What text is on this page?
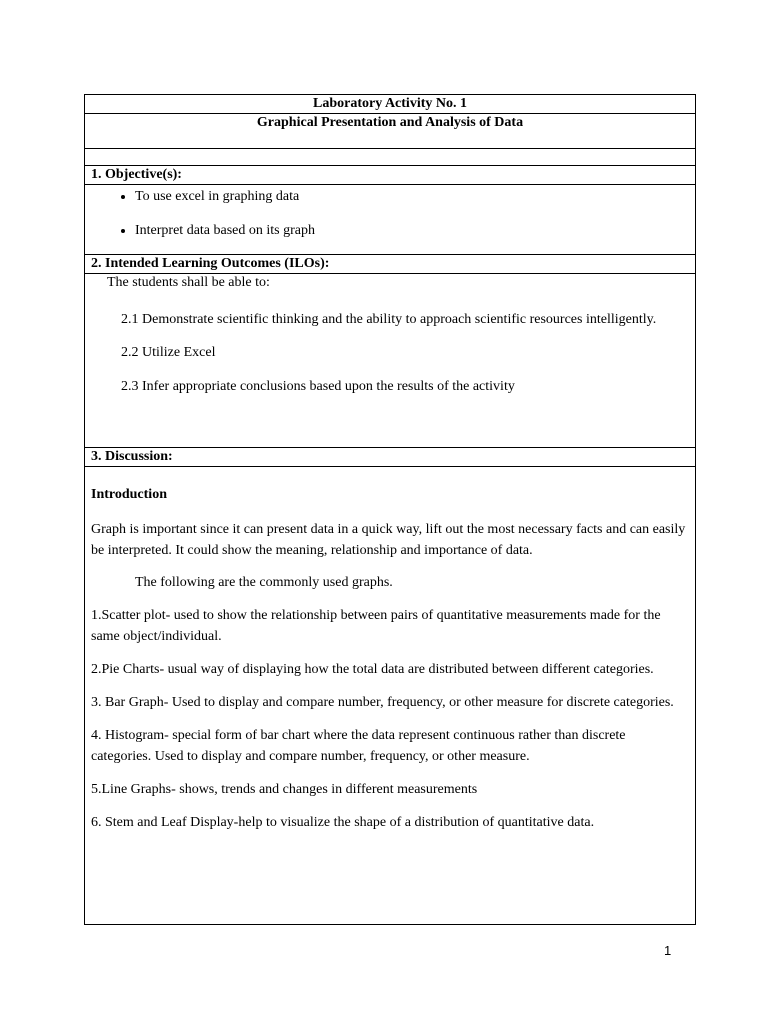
Laboratory Activity No. 1
Graphical Presentation and Analysis of Data

1. Objective(s):

• To use excel in graphing data
• Interpret data based on its graph

2. Intended Learning Outcomes (ILOs):

The students shall be able to:

2.1 Demonstrate scientific thinking and the ability to approach scientific resources intelligently.

2.2 Utilize Excel

2.3 Infer appropriate conclusions based upon the results of the activity

3. Discussion:

Introduction

Graph is important since it can present data in a quick way, lift out the most necessary facts and can easily be interpreted. It could show the meaning, relationship and importance of data.

The following are the commonly used graphs.

1.Scatter plot- used to show the relationship between pairs of quantitative measurements made for the same object/individual.

2.Pie Charts- usual way of displaying how the total data are distributed between different categories.

3. Bar Graph- Used to display and compare number, frequency, or other measure for discrete categories.

4. Histogram- special form of bar chart where the data represent continuous rather than discrete categories. Used to display and compare number, frequency, or other measure.

5.Line Graphs- shows, trends and changes in different measurements

6. Stem and Leaf Display-help to visualize the shape of a distribution of quantitative data.

1
